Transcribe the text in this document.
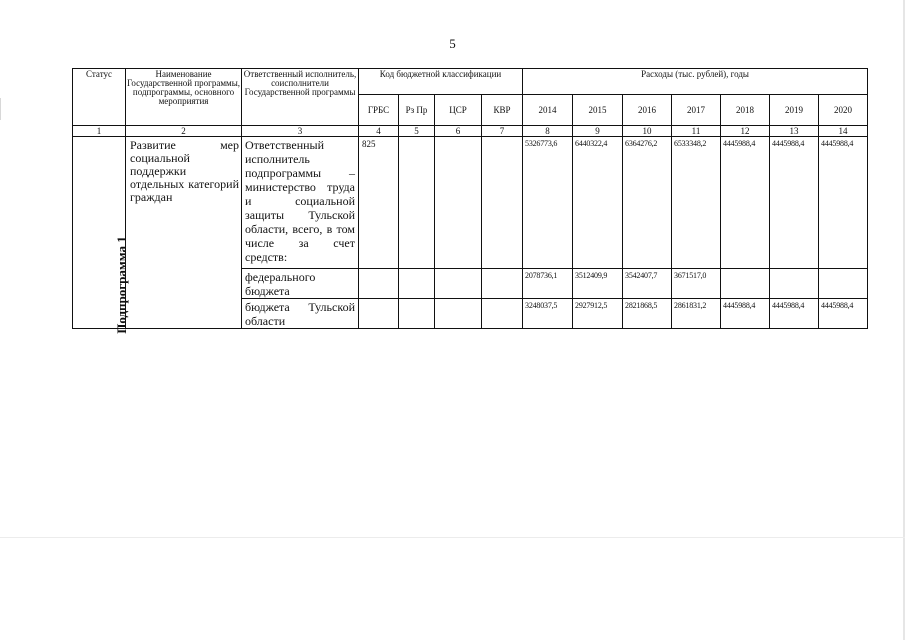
5
Статус	Наименование Государственной программы, подпрограммы, основного мероприятия	Ответственный исполнитель, соисполнители Государственной программы	Код бюджетной классификации				Расходы (тыс. рублей), годы						
			ГРБС	Рз Пр	ЦСР	КВР	2014	2015	2016	2017	2018	2019	2020
1	2	3	4	5	6	7	8	9	10	11	12	13	14
Подпрограмма 1	Развитие мер социальной поддержки отдельных категорий граждан	Ответственный исполнитель подпрограммы – министерство труда и социальной защиты Тульской области, всего, в том числе за счет средств:	825				5326773,6	6440322,4	6364276,2	6533348,2	4445988,4	4445988,4	4445988,4
		федерального бюджета					2078736,1	3512409,9	3542407,7	3671517,0			
		бюджета Тульской области					3248037,5	2927912,5	2821868,5	2861831,2	4445988,4	4445988,4	4445988,4
